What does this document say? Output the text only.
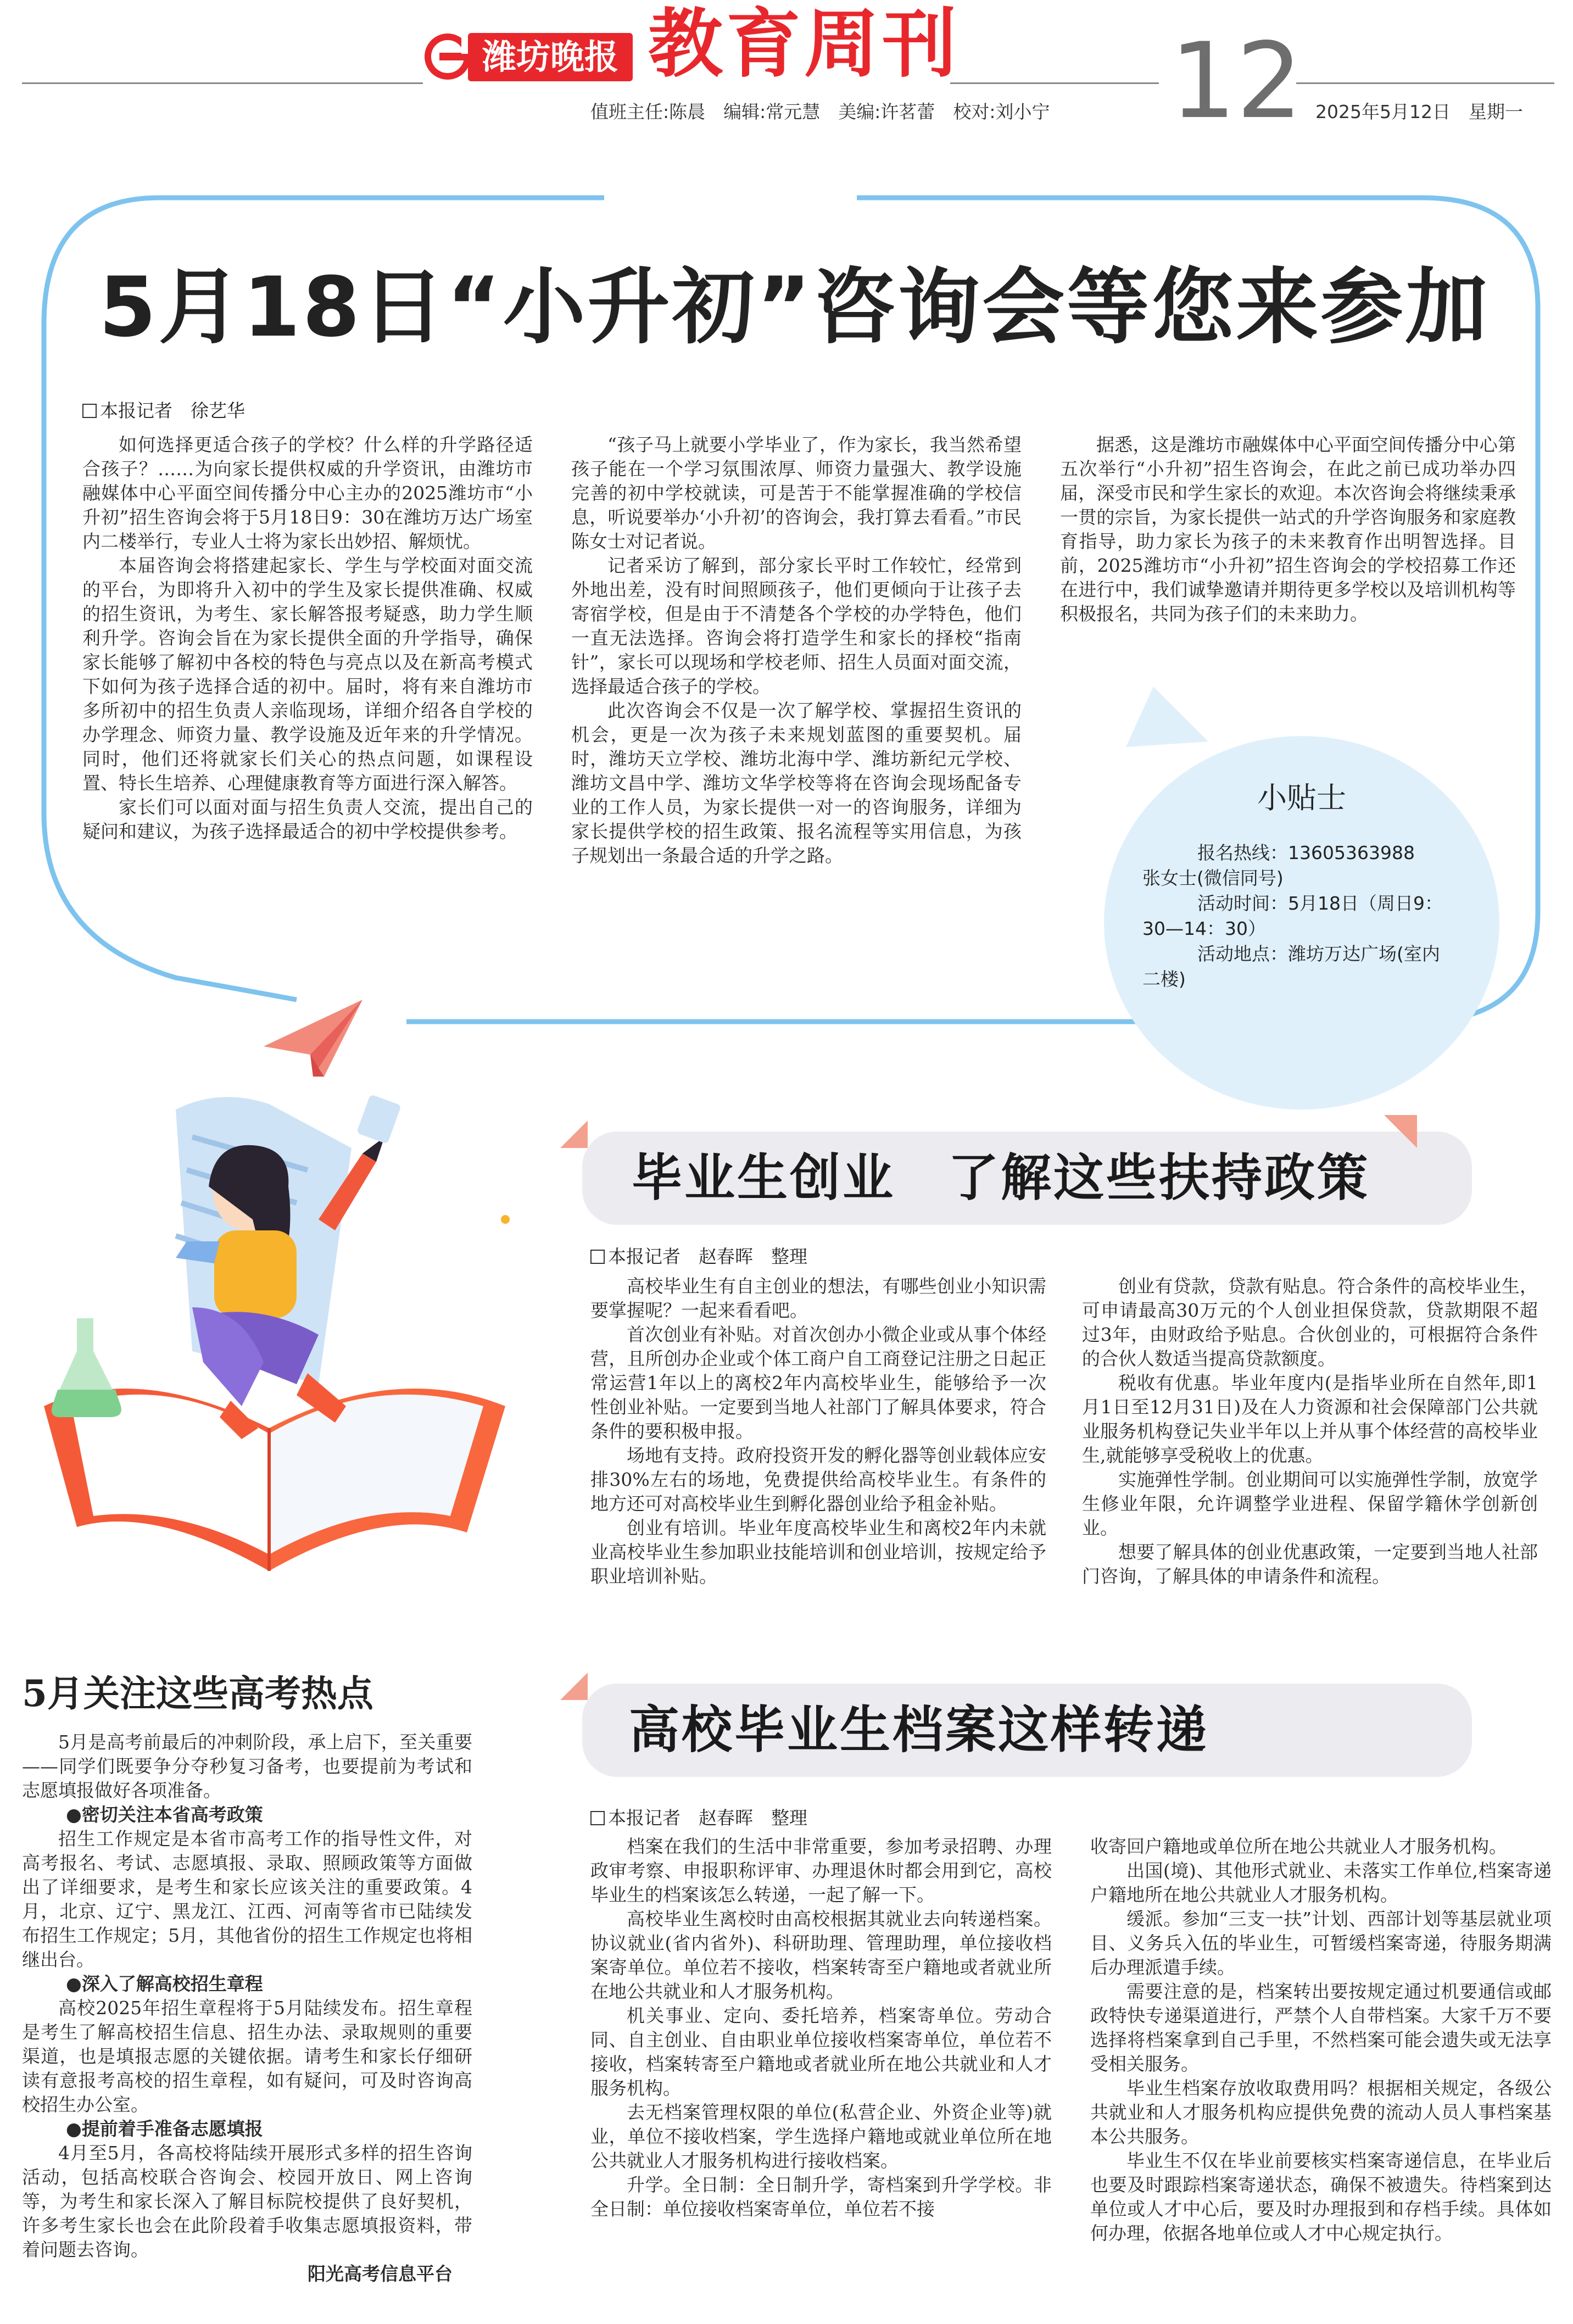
潍坊晚报 教育周刊 12
值班主任:陈晨　编辑:常元慧　美编:许茗蕾　校对:刘小宁	2025年5月12日　星期一
5月18日“小升初”咨询会等您来参加
本报记者　徐艺华

如何选择更适合孩子的学校？什么样的升学路径适合孩子？……为向家长提供权威的升学资讯，由潍坊市融媒体中心平面空间传播分中心主办的2025潍坊市“小升初”招生咨询会将于5月18日9：30在潍坊万达广场室内二楼举行，专业人士将为家长出妙招、解烦忧。

本届咨询会将搭建起家长、学生与学校面对面交流的平台，为即将升入初中的学生及家长提供准确、权威的招生资讯，为考生、家长解答报考疑惑，助力学生顺利升学。咨询会旨在为家长提供全面的升学指导，确保家长能够了解初中各校的特色与亮点以及在新高考模式下如何为孩子选择合适的初中。届时，将有来自潍坊市多所初中的招生负责人亲临现场，详细介绍各自学校的办学理念、师资力量、教学设施及近年来的升学情况。同时，他们还将就家长们关心的热点问题，如课程设置、特长生培养、心理健康教育等方面进行深入解答。

家长们可以面对面与招生负责人交流，提出自己的疑问和建议，为孩子选择最适合的初中学校提供参考。

“孩子马上就要小学毕业了，作为家长，我当然希望孩子能在一个学习氛围浓厚、师资力量强大、教学设施完善的初中学校就读，可是苦于不能掌握准确的学校信息，听说要举办‘小升初’的咨询会，我打算去看看。”市民陈女士对记者说。

记者采访了解到，部分家长平时工作较忙，经常到外地出差，没有时间照顾孩子，他们更倾向于让孩子去寄宿学校，但是由于不清楚各个学校的办学特色，他们一直无法选择。咨询会将打造学生和家长的择校“指南针”，家长可以现场和学校老师、招生人员面对面交流，选择最适合孩子的学校。

此次咨询会不仅是一次了解学校、掌握招生资讯的机会，更是一次为孩子未来规划蓝图的重要契机。届时，潍坊天立学校、潍坊北海中学、潍坊新纪元学校、潍坊文昌中学、潍坊文华学校等将在咨询会现场配备专业的工作人员，为家长提供一对一的咨询服务，详细为家长提供学校的招生政策、报名流程等实用信息，为孩子规划出一条最合适的升学之路。

据悉，这是潍坊市融媒体中心平面空间传播分中心第五次举行“小升初”招生咨询会，在此之前已成功举办四届，深受市民和学生家长的欢迎。本次咨询会将继续秉承一贯的宗旨，为家长提供一站式的升学咨询服务和家庭教育指导，助力家长为孩子的未来教育作出明智选择。目前，2025潍坊市“小升初”招生咨询会的学校招募工作还在进行中，我们诚挚邀请并期待更多学校以及培训机构等积极报名，共同为孩子们的未来助力。

小贴士
报名热线：13605363988
张女士(微信同号)
活动时间：5月18日（周日9：30—14：30）
活动地点：潍坊万达广场(室内二楼)
毕业生创业　了解这些扶持政策
本报记者　赵春晖　整理

高校毕业生有自主创业的想法，有哪些创业小知识需要掌握呢？一起来看看吧。

首次创业有补贴。对首次创办小微企业或从事个体经营，且所创办企业或个体工商户自工商登记注册之日起正常运营1年以上的离校2年内高校毕业生，能够给予一次性创业补贴。一定要到当地人社部门了解具体要求，符合条件的要积极申报。

场地有支持。政府投资开发的孵化器等创业载体应安排30%左右的场地，免费提供给高校毕业生。有条件的地方还可对高校毕业生到孵化器创业给予租金补贴。

创业有培训。毕业年度高校毕业生和离校2年内未就业高校毕业生参加职业技能培训和创业培训，按规定给予职业培训补贴。

创业有贷款，贷款有贴息。符合条件的高校毕业生，可申请最高30万元的个人创业担保贷款，贷款期限不超过3年，由财政给予贴息。合伙创业的，可根据符合条件的合伙人数适当提高贷款额度。

税收有优惠。毕业年度内(是指毕业所在自然年,即1月1日至12月31日)及在人力资源和社会保障部门公共就业服务机构登记失业半年以上并从事个体经营的高校毕业生,就能够享受税收上的优惠。

实施弹性学制。创业期间可以实施弹性学制，放宽学生修业年限，允许调整学业进程、保留学籍休学创新创业。

想要了解具体的创业优惠政策，一定要到当地人社部门咨询，了解具体的申请条件和流程。

5月关注这些高考热点

5月是高考前最后的冲刺阶段，承上启下，至关重要——同学们既要争分夺秒复习备考，也要提前为考试和志愿填报做好各项准备。

●密切关注本省高考政策

招生工作规定是本省市高考工作的指导性文件，对高考报名、考试、志愿填报、录取、照顾政策等方面做出了详细要求，是考生和家长应该关注的重要政策。4月，北京、辽宁、黑龙江、江西、河南等省市已陆续发布招生工作规定；5月，其他省份的招生工作规定也将相继出台。

●深入了解高校招生章程

高校2025年招生章程将于5月陆续发布。招生章程是考生了解高校招生信息、招生办法、录取规则的重要渠道，也是填报志愿的关键依据。请考生和家长仔细研读有意报考高校的招生章程，如有疑问，可及时咨询高校招生办公室。

●提前着手准备志愿填报

4月至5月，各高校将陆续开展形式多样的招生咨询活动，包括高校联合咨询会、校园开放日、网上咨询等，为考生和家长深入了解目标院校提供了良好契机，许多考生家长也会在此阶段着手收集志愿填报资料，带着问题去咨询。

阳光高考信息平台
高校毕业生档案这样转递
本报记者　赵春晖　整理

档案在我们的生活中非常重要，参加考录招聘、办理政审考察、申报职称评审、办理退休时都会用到它，高校毕业生的档案该怎么转递，一起了解一下。

高校毕业生离校时由高校根据其就业去向转递档案。协议就业(省内省外)、科研助理、管理助理，单位接收档案寄单位。单位若不接收，档案转寄至户籍地或者就业所在地公共就业和人才服务机构。

机关事业、定向、委托培养，档案寄单位。劳动合同、自主创业、自由职业单位接收档案寄单位，单位若不接收，档案转寄至户籍地或者就业所在地公共就业和人才服务机构。

去无档案管理权限的单位(私营企业、外资企业等)就业，单位不接收档案，学生选择户籍地或就业单位所在地公共就业人才服务机构进行接收档案。

升学。全日制：全日制升学，寄档案到升学学校。非全日制：单位接收档案寄单位，单位若不接

收寄回户籍地或单位所在地公共就业人才服务机构。

出国(境)、其他形式就业、未落实工作单位,档案寄递户籍地所在地公共就业人才服务机构。

缓派。参加“三支一扶”计划、西部计划等基层就业项目、义务兵入伍的毕业生，可暂缓档案寄递，待服务期满后办理派遣手续。

需要注意的是，档案转出要按规定通过机要通信或邮政特快专递渠道进行，严禁个人自带档案。大家千万不要选择将档案拿到自己手里，不然档案可能会遗失或无法享受相关服务。

毕业生档案存放收取费用吗？根据相关规定，各级公共就业和人才服务机构应提供免费的流动人员人事档案基本公共服务。

毕业生不仅在毕业前要核实档案寄递信息，在毕业后也要及时跟踪档案寄递状态，确保不被遗失。待档案到达单位或人才中心后，要及时办理报到和存档手续。具体如何办理，依据各地单位或人才中心规定执行。
